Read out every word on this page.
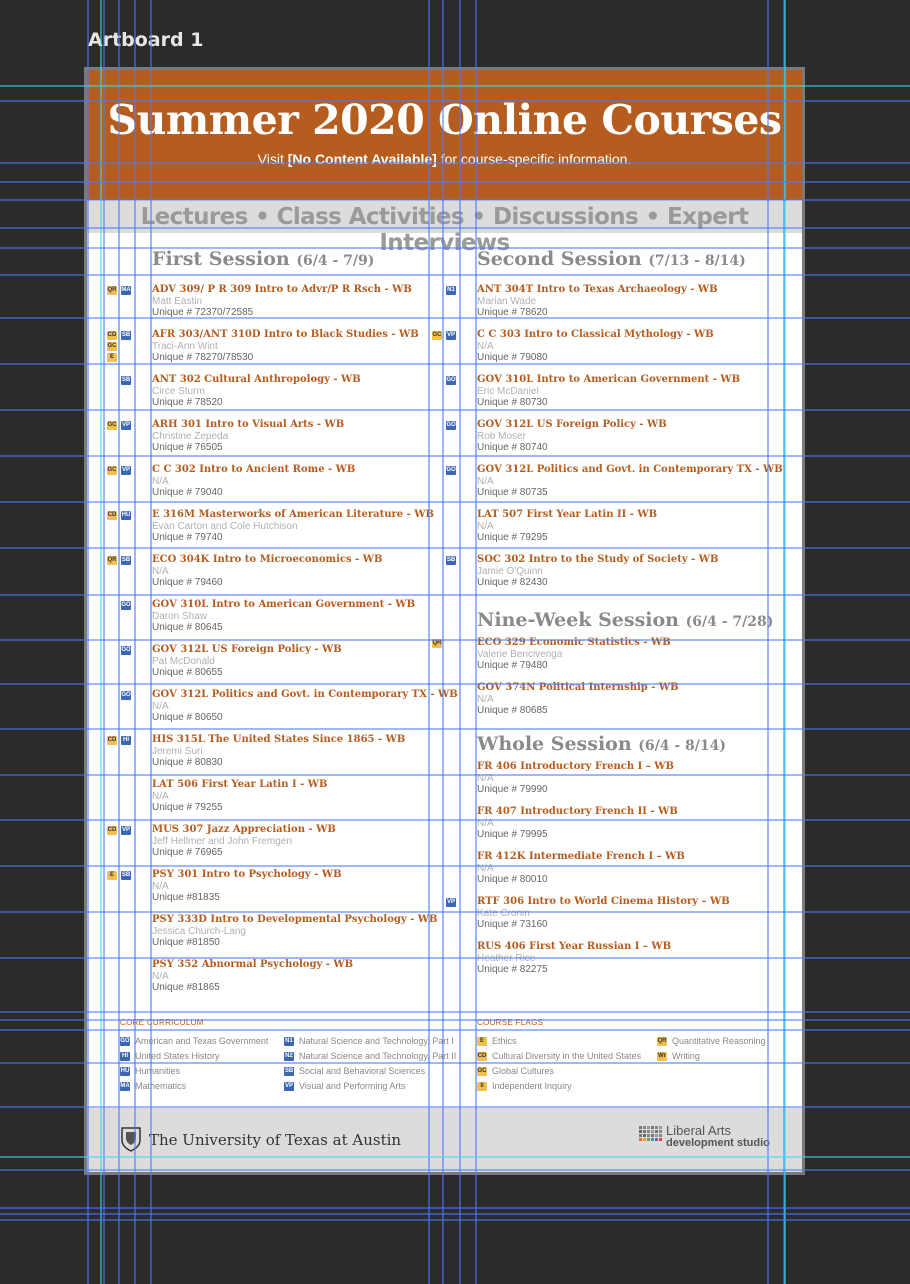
Artboard 1
Summer 2020 Online Courses
Visit [No Content Available] for course-specific information.
Lectures • Class Activities • Discussions • Expert Interviews
First Session (6/4 - 7/9)
QR MA ADV 309/ P R 309 Intro to Advr/P R Rsch - WB
Matt Eastin
Unique # 72370/72585
CD SB
GC
E
AFR 303/ANT 310D Intro to Black Studies - WB
Traci-Ann Wint
Unique # 78270/78530
SB ANT 302 Cultural Anthropology - WB
Circe Sturm
Unique # 78520
GC VP ARH 301 Intro to Visual Arts - WB
Christine Zepeda
Unique # 76505
GC VP C C 302 Intro to Ancient Rome - WB
N/A
Unique # 79040
CD HU E 316M Masterworks of American Literature - WB
Evan Carton and Cole Hutchison
Unique # 79740
QR SB ECO 304K Intro to Microeconomics - WB
N/A
Unique # 79460
GO GOV 310L Intro to American Government - WB
Daron Shaw
Unique # 80645
GO GOV 312L US Foreign Policy - WB
Pat McDonald
Unique # 80655
GO GOV 312L Politics and Govt. in Contemporary TX - WB
N/A
Unique # 80650
CD	HI HIS 315L The United States Since 1865 - WB
Jeremi Suri
Unique # 80830
LAT 506 First Year Latin I - WB
N/A
Unique # 79255
CD VP MUS 307 Jazz Appreciation - WB
Jeff Hellmer and John Fremgen
Unique # 76965
E	SB PSY 301 Intro to Psychology - WB
N/A
Unique #81835
PSY 333D Intro to Developmental Psychology - WB
Jessica Church-Lang
Unique #81850
PSY 352 Abnormal Psychology - WB
N/A
Unique #81865
Second Session (7/13 - 8/14)
N1 ANT 304T Intro to Texas Archaeology - WB
Marian Wade
Unique # 78620
GC VP C C 303 Intro to Classical Mythology - WB
N/A
Unique # 79080
GO GOV 310L Intro to American Government - WB
Eric McDaniel
Unique # 80730
GO GOV 312L US Foreign Policy - WB
Rob Moser
Unique # 80740
GO GOV 312L Politics and Govt. in Contemporary TX - WB
N/A
Unique # 80735
LAT 507 First Year Latin II - WB
N/A
Unique # 79295
SB SOC 302 Intro to the Study of Society - WB
Jamie O'Quinn
Unique # 82430
Nine-Week Session (6/4 - 7/28)
QR	ECO 329 Economic Statistics - WB
Valerie Bencivenga
Unique # 79480
GOV 374N Political Internship - WB
N/A
Unique # 80685
Whole Session (6/4 - 8/14)
FR 406 Introductory French I – WB
N/A
Unique # 79990
FR 407 Introductory French II - WB
N/A
Unique # 79995
FR 412K Intermediate French I – WB
N/A
Unique # 80010
VP RTF 306 Intro to World Cinema History – WB
Kate Cronin
Unique # 73160
RUS 406 First Year Russian I – WB
Heather Rice
Unique # 82275
CORE CURRICULUM	COURSE FLAGS
GO American and Texas Government
HI United States History
HU Humanities
MA Mathematics
N1 Natural Science and Technology, Part I
N2 Natural Science and Technology, Part II
SB Social and Behavioral Sciences
VP Visual and Performing Arts
E Ethics
CD Cultural Diversity in the United States
GC Global Cultures
II Independent Inquiry
QR Quantitative Reasoning
Wr Writing
The University of Texas at Austin
Liberal Arts
development studio
